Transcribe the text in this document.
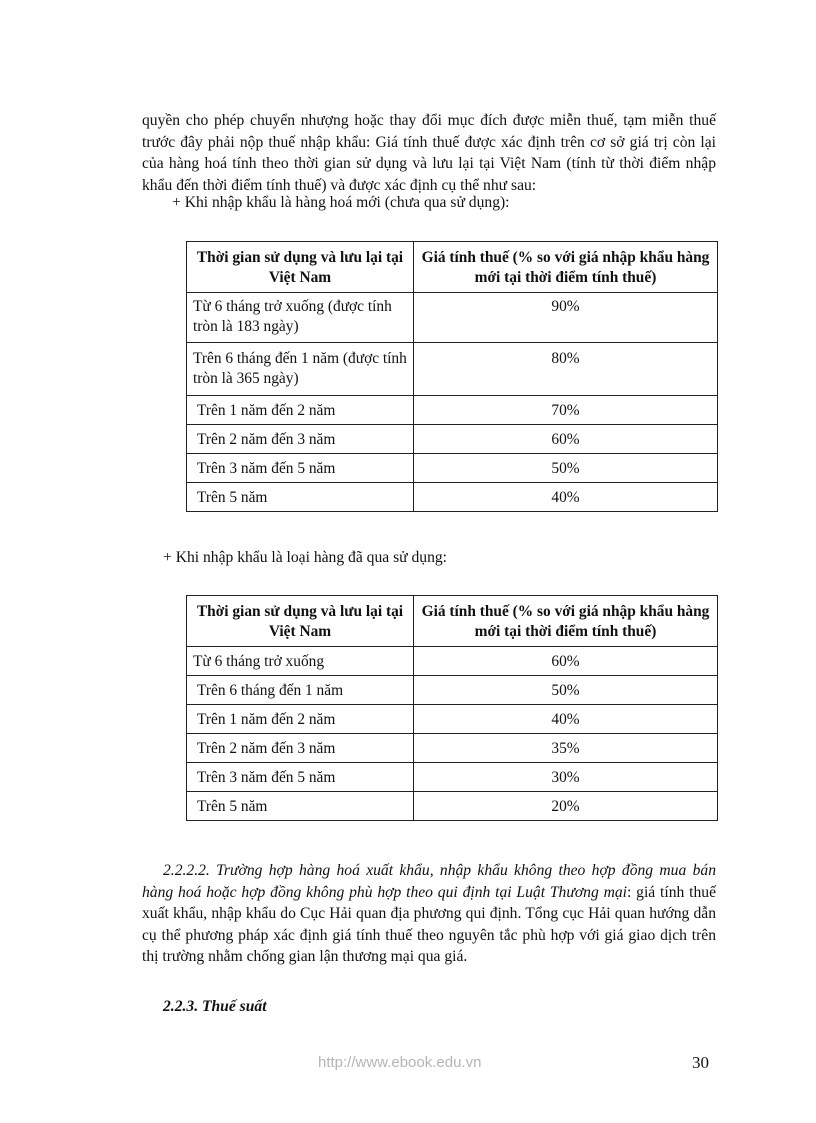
quyền cho phép chuyển nhượng hoặc thay đổi mục đích được miễn thuế, tạm miễn thuế trước đây phải nộp thuế nhập khẩu: Giá tính thuế được xác định trên cơ sở giá trị còn lại của hàng hoá tính theo thời gian sử dụng và lưu lại tại Việt Nam (tính từ thời điểm nhập khẩu đến thời điểm tính thuế) và được xác định cụ thể như sau:

+ Khi nhập khẩu là hàng hoá mới (chưa qua sử dụng):

Thời gian sử dụng và lưu lại tại Việt Nam	Giá tính thuế (% so với giá nhập khẩu hàng mới tại thời điểm tính thuế)
Từ 6 tháng trở xuống (được tính tròn là 183 ngày)	90%
Trên 6 tháng đến 1 năm (được tính tròn là 365 ngày)	80%
Trên 1 năm đến 2 năm	70%
Trên 2 năm đến 3 năm	60%
Trên 3 năm đến 5 năm	50%
Trên 5 năm	40%

+ Khi nhập khẩu là loại hàng đã qua sử dụng:

Thời gian sử dụng và lưu lại tại Việt Nam	Giá tính thuế (% so với giá nhập khẩu hàng mới tại thời điểm tính thuế)
Từ 6 tháng trở xuống	60%
Trên 6 tháng đến 1 năm	50%
Trên 1 năm đến 2 năm	40%
Trên 2 năm đến 3 năm	35%
Trên 3 năm đến 5 năm	30%
Trên 5 năm	20%

2.2.2.2. Trường hợp hàng hoá xuất khẩu, nhập khẩu không theo hợp đồng mua bán hàng hoá hoặc hợp đồng không phù hợp theo qui định tại Luật Thương mại: giá tính thuế xuất khẩu, nhập khẩu do Cục Hải quan địa phương qui định. Tổng cục Hải quan hướng dẫn cụ thể phương pháp xác định giá tính thuế theo nguyên tắc phù hợp với giá giao dịch trên thị trường nhằm chống gian lận thương mại qua giá.

2.2.3. Thuế suất

http://www.ebook.edu.vn	30
